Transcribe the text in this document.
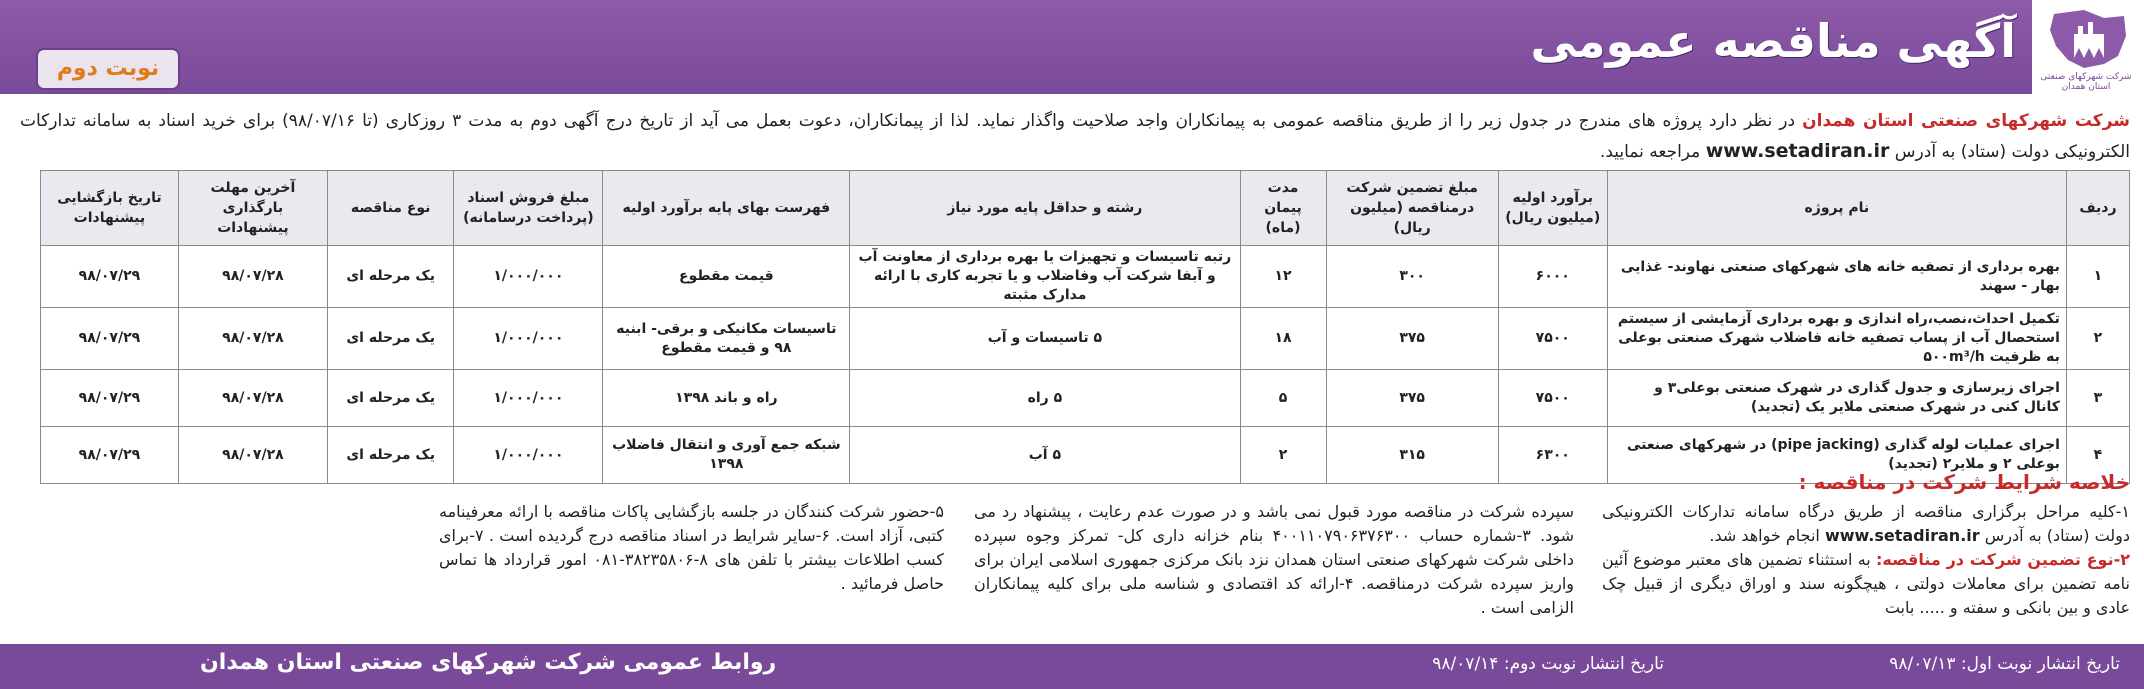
شرکت شهرکهای صنعتی استان همدان
آگهی مناقصه عمومی
نوبت دوم
شرکت شهرکهای صنعتی استان همدان در نظر دارد پروژه های مندرج در جدول زیر را از طریق مناقصه عمومی به پیمانکاران واجد صلاحیت واگذار نماید. لذا از پیمانکاران، دعوت بعمل می آید از تاریخ درج آگهی دوم به مدت ۳ روزکاری (تا ۹۸/۰۷/۱۶) برای خرید اسناد به سامانه تدارکات الکترونیکی دولت (ستاد) به آدرس www.setadiran.ir مراجعه نمایید.
ردیف	نام پروژه	برآورد اولیه (میلیون ریال)	مبلغ تضمین شرکت درمناقصه (میلیون ریال)	مدت پیمان (ماه)	رشته و حداقل پایه مورد نیاز	فهرست بهای پایه برآورد اولیه	مبلغ فروش اسناد (پرداخت درسامانه)	نوع مناقصه	آخرین مهلت بارگذاری پیشنهادات	تاریخ بازگشایی پیشنهادات
۱	بهره برداری از تصفیه خانه های شهرکهای صنعتی نهاوند- غذایی بهار - سهند	۶۰۰۰	۳۰۰	۱۲	رتبه تاسیسات و تجهیزات یا بهره برداری از معاونت آب و آبفا شرکت آب وفاضلاب و یا تجربه کاری با ارائه مدارک مثبته	قیمت مقطوع	۱/۰۰۰/۰۰۰	یک مرحله ای	۹۸/۰۷/۲۸	۹۸/۰۷/۲۹
۲	تکمیل احداث،نصب،راه اندازی و بهره برداری آزمایشی از سیستم استحصال آب از پساب تصفیه خانه فاضلاب شهرک صنعتی بوعلی به ظرفیت ۵۰۰m³/h	۷۵۰۰	۳۷۵	۱۸	۵ تاسیسات و آب	تاسیسات مکانیکی و برقی- ابنیه ۹۸ و قیمت مقطوع	۱/۰۰۰/۰۰۰	یک مرحله ای	۹۸/۰۷/۲۸	۹۸/۰۷/۲۹
۳	اجرای زیرسازی و جدول گذاری در شهرک صنعتی بوعلی۳ و کانال کنی در شهرک صنعتی ملایر یک (تجدید)	۷۵۰۰	۳۷۵	۵	۵ راه	راه و باند ۱۳۹۸	۱/۰۰۰/۰۰۰	یک مرحله ای	۹۸/۰۷/۲۸	۹۸/۰۷/۲۹
۴	اجرای عملیات لوله گذاری (pipe jacking) در شهرکهای صنعتی بوعلی ۲ و ملایر۲ (تجدید)	۶۳۰۰	۳۱۵	۲	۵ آب	شبکه جمع آوری و انتقال فاضلاب ۱۳۹۸	۱/۰۰۰/۰۰۰	یک مرحله ای	۹۸/۰۷/۲۸	۹۸/۰۷/۲۹
خلاصه شرایط شرکت در مناقصه :
۱-کلیه مراحل برگزاری مناقصه از طریق درگاه سامانه تدارکات الکترونیکی دولت (ستاد) به آدرس www.setadiran.ir انجام خواهد شد.
۲-نوع تضمین شرکت در مناقصه: به استثناء تضمین های معتبر موضوع آئین نامه تضمین برای معاملات دولتی ، هیچگونه سند و اوراق دیگری از قبیل چک عادی و بین بانکی و سفته و ..... بابت
سپرده شرکت در مناقصه مورد قبول نمی باشد و در صورت عدم رعایت ، پیشنهاد رد می شود. ۳-شماره حساب ۴۰۰۱۱۰۷۹۰۶۳۷۶۳۰۰ بنام خزانه داری کل- تمرکز وجوه سپرده داخلی شرکت شهرکهای صنعتی استان همدان نزد بانک مرکزی جمهوری اسلامی ایران برای واریز سپرده شرکت درمناقصه. ۴-ارائه کد اقتصادی و شناسه ملی برای کلیه پیمانکاران الزامی است .
۵-حضور شرکت کنندگان در جلسه بازگشایی پاکات مناقصه با ارائه معرفینامه کتبی، آزاد است. ۶-سایر شرایط در اسناد مناقصه درج گردیده است . ۷-برای کسب اطلاعات بیشتر با تلفن های ۸-۳۸۲۳۵۸۰۶-۰۸۱ امور قرارداد ها تماس حاصل فرمائید .
تاریخ انتشار نوبت اول: ۹۸/۰۷/۱۳
تاریخ انتشار نوبت دوم: ۹۸/۰۷/۱۴
روابط عمومی شرکت شهرکهای صنعتی استان همدان
